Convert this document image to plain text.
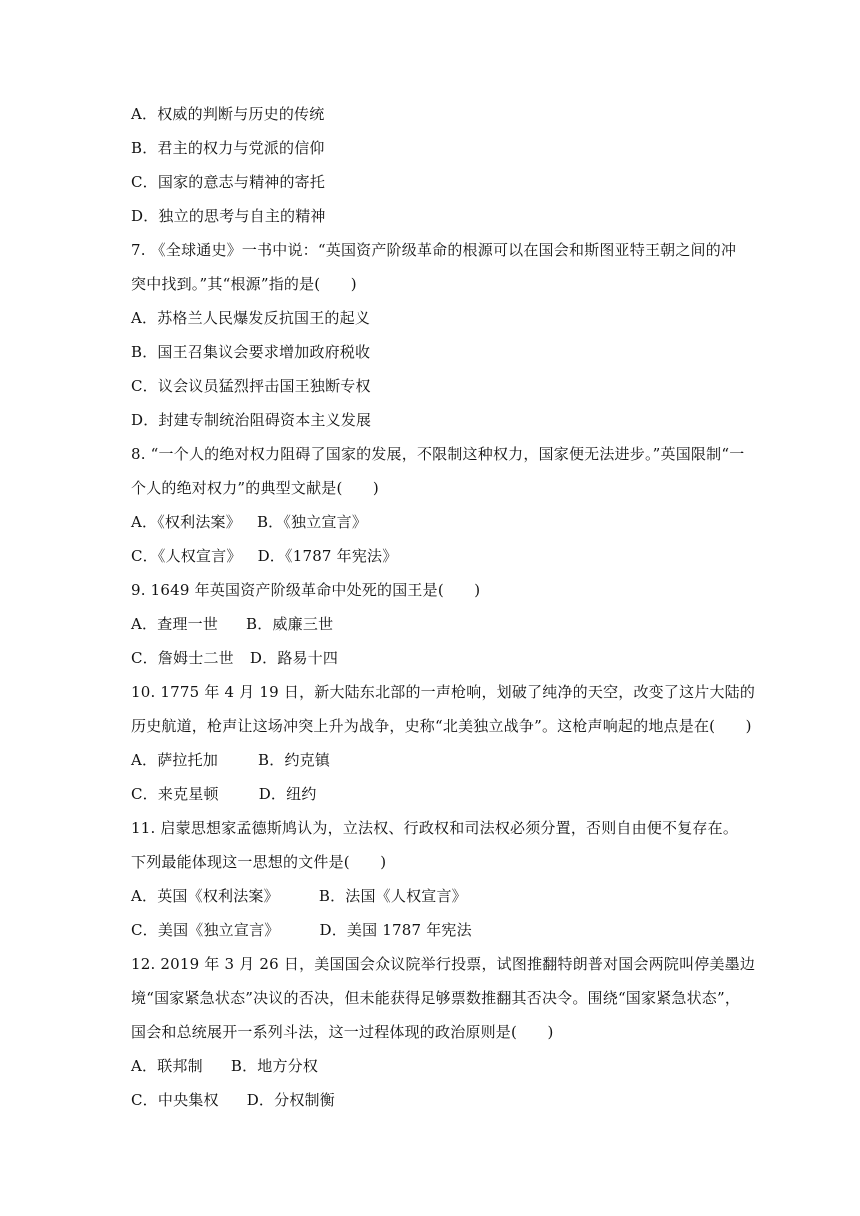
A．权威的判断与历史的传统
B．君主的权力与党派的信仰
C．国家的意志与精神的寄托
D．独立的思考与自主的精神
7. 《全球通史》一书中说：“英国资产阶级革命的根源可以在国会和斯图亚特王朝之间的冲
突中找到。”其“根源”指的是(　　)
A．苏格兰人民爆发反抗国王的起义
B．国王召集议会要求增加政府税收
C．议会议员猛烈抨击国王独断专权
D．封建专制统治阻碍资本主义发展
8. “一个人的绝对权力阻碍了国家的发展，不限制这种权力，国家便无法进步。”英国限制“一
个人的绝对权力”的典型文献是(　　)
A．《权利法案》 B．《独立宣言》
C．《人权宣言》 D．《1787 年宪法》
9. 1649 年英国资产阶级革命中处死的国王是(　　)
A．查理一世 B．威廉三世
C．詹姆士二世 D．路易十四
10. 1775 年 4 月 19 日，新大陆东北部的一声枪响，划破了纯净的天空，改变了这片大陆的
历史航道，枪声让这场冲突上升为战争，史称“北美独立战争”。这枪声响起的地点是在(　　)
A．萨拉托加	B．约克镇
C．来克星顿	D．纽约
11. 启蒙思想家孟德斯鸠认为，立法权、行政权和司法权必须分置，否则自由便不复存在。
下列最能体现这一思想的文件是(　　)
A．英国《权利法案》	B．法国《人权宣言》
C．美国《独立宣言》	D．美国 1787 年宪法
12. 2019 年 3 月 26 日，美国国会众议院举行投票，试图推翻特朗普对国会两院叫停美墨边
境“国家紧急状态”决议的否决，但未能获得足够票数推翻其否决令。围绕“国家紧急状态”，
国会和总统展开一系列斗法，这一过程体现的政治原则是(　　)
A．联邦制 B．地方分权
C．中央集权 D．分权制衡
